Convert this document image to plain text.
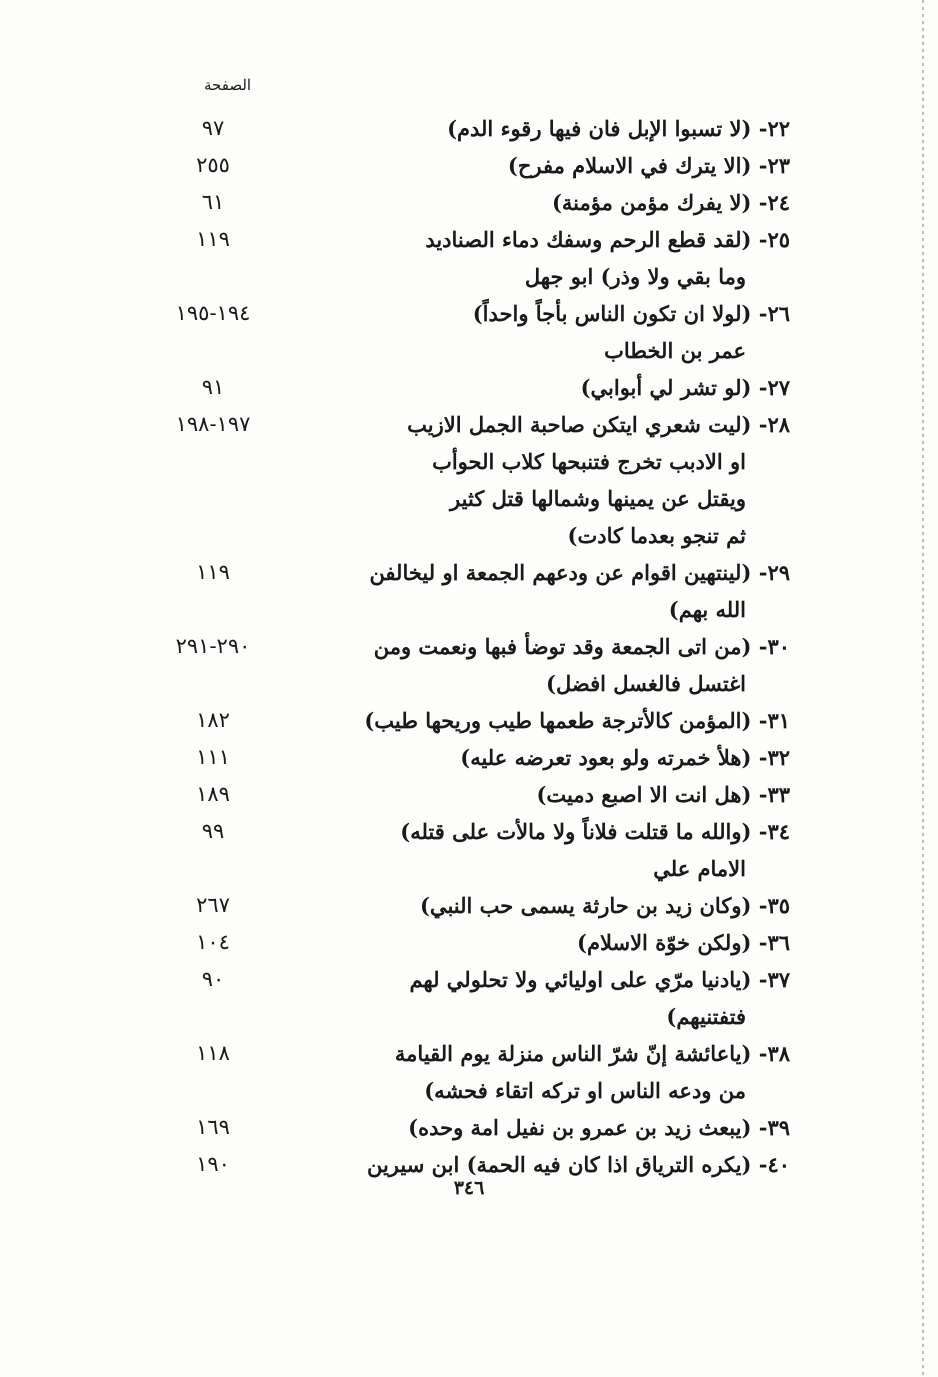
الصفحة
٢٢- (لا تسبوا الإبل فان فيها رقوء الدم)
٩٧
٢٣- (الا يترك في الاسلام مفرح)
٢٥٥
٢٤- (لا يفرك مؤمن مؤمنة)
٦١
٢٥- (لقد قطع الرحم وسفك دماء الصناديد
١١٩
وما بقي ولا وذر) ابو جهل
٢٦- (لولا ان تكون الناس بأجاً واحداً)
١٩٤-١٩٥
عمر بن الخطاب
٢٧- (لو تشر لي أبوابي)
٩١
٢٨- (ليت شعري ايتكن صاحبة الجمل الازيب
١٩٧-١٩٨
او الادبب تخرج فتنبحها كلاب الحوأب
ويقتل عن يمينها وشمالها قتل كثير
ثم تنجو بعدما كادت)
٢٩- (لينتهين اقوام عن ودعهم الجمعة او ليخالفن
١١٩
الله بهم)
٣٠- (من اتى الجمعة وقد توضأ فبها ونعمت ومن
٢٩٠-٢٩١
اغتسل فالغسل افضل)
٣١- (المؤمن كالأترجة طعمها طيب وريحها طيب)
١٨٢
٣٢- (هلأ خمرته ولو بعود تعرضه عليه)
١١١
٣٣- (هل انت الا اصبع دميت)
١٨٩
٣٤- (والله ما قتلت فلاناً ولا مالأت على قتله)
٩٩
الامام علي
٣٥- (وكان زيد بن حارثة يسمى حب النبي)
٢٦٧
٣٦- (ولكن خوّة الاسلام)
١٠٤
٣٧- (يادنيا مرّي على اوليائي ولا تحلولي لهم
٩٠
فتفتنيهم)
٣٨- (ياعائشة إنّ شرّ الناس منزلة يوم القيامة
١١٨
من ودعه الناس او تركه اتقاء فحشه)
٣٩- (يبعث زيد بن عمرو بن نفيل امة وحده)
١٦٩
٤٠- (يكره الترياق اذا كان فيه الحمة) ابن سيرين
١٩٠
٣٤٦
